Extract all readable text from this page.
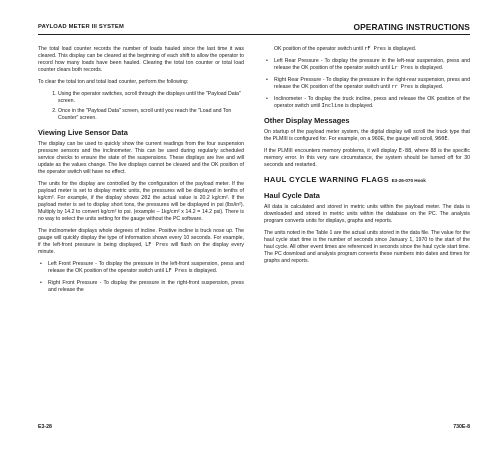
PAYLOAD METER III SYSTEM	OPERATING INSTRUCTIONS

The total load counter records the number of loads hauled since the last time it was cleared. This display can be cleared at the beginning of each shift to allow the operator to record how many loads have been hauled. Clearing the total ton counter or total load counter clears both records.

To clear the total ton and total load counter, perform the following:

1. Using the operator switches, scroll through the displays until the "Payload Data" screen.
2. Once in the "Payload Data" screen, scroll until you reach the "Load and Ton Counter" screen.
Viewing Live Sensor Data

The display can be used to quickly show the current readings from the four suspension pressure sensors and the inclinometer. This can be used during regularly scheduled service checks to ensure the state of the suspensions. These displays are live and will update as the values change. The live displays cannot be cleared and the OK position of the operator switch will have no effect.

The units for the display are controlled by the configuration of the payload meter. If the payload meter is set to display metric units, the pressures will be displayed in tenths of kg/cm². For example, if the display shows 202 the actual value is 20.2 kg/cm². If the payload meter is set to display short tons, the pressures will be displayed in psi (lbs/in²). Multiply by 14.2 to convert kg/cm² to psi. (example – 1kg/cm² x 14.2 = 14.2 psi). There is no way to select the units setting for the gauge without the PC software.

The inclinometer displays whole degrees of incline. Positive incline is truck nose up. The gauge will quickly display the type of information shown every 10 seconds. For example, if the left-front pressure is being displayed, LF Pres will flash on the display every minute.

• Left Front Pressure - To display the pressure in the left-front suspension, press and release the OK position of the operator switch until LF Pres is displayed.
• Right Front Pressure - To display the pressure in the right-front suspension, press and release the

OK position of the operator switch until rF Pres is displayed.

• Left Rear Pressure - To display the pressure in the left-rear suspension, press and release the OK position of the operator switch until Lr Pres is displayed.
• Right Rear Pressure - To display the pressure in the right-rear suspension, press and release the OK position of the operator switch until rr Pres is displayed.
• Inclinometer - To display the truck incline, press and release the OK position of the operator switch until Incline is displayed.
Other Display Messages

On startup of the payload meter system, the digital display will scroll the truck type that the PLMIII is configured for. For example, on a 960E, the gauge will scroll, 960E.

If the PLMIII encounters memory problems, it will display E-88, where 88 is the specific memory error. In this very rare circumstance, the system should be turned off for 30 seconds and restarted.

HAUL CYCLE WARNING FLAGS E3-26-070 Hook
Haul Cycle Data

All data is calculated and stored in metric units within the payload meter. The data is downloaded and stored in metric units within the database on the PC. The analysis program converts units for displays, graphs and reports.

The units noted in the Table 1 are the actual units stored in the data file. The value for the haul cycle start time is the number of seconds since January 1, 1970 to the start of the haul cycle. All other event times are referenced in seconds since the haul cycle start time. The PC download and analysis program converts these numbers into dates and times for graphs and reports.

E3-28	730E-8
